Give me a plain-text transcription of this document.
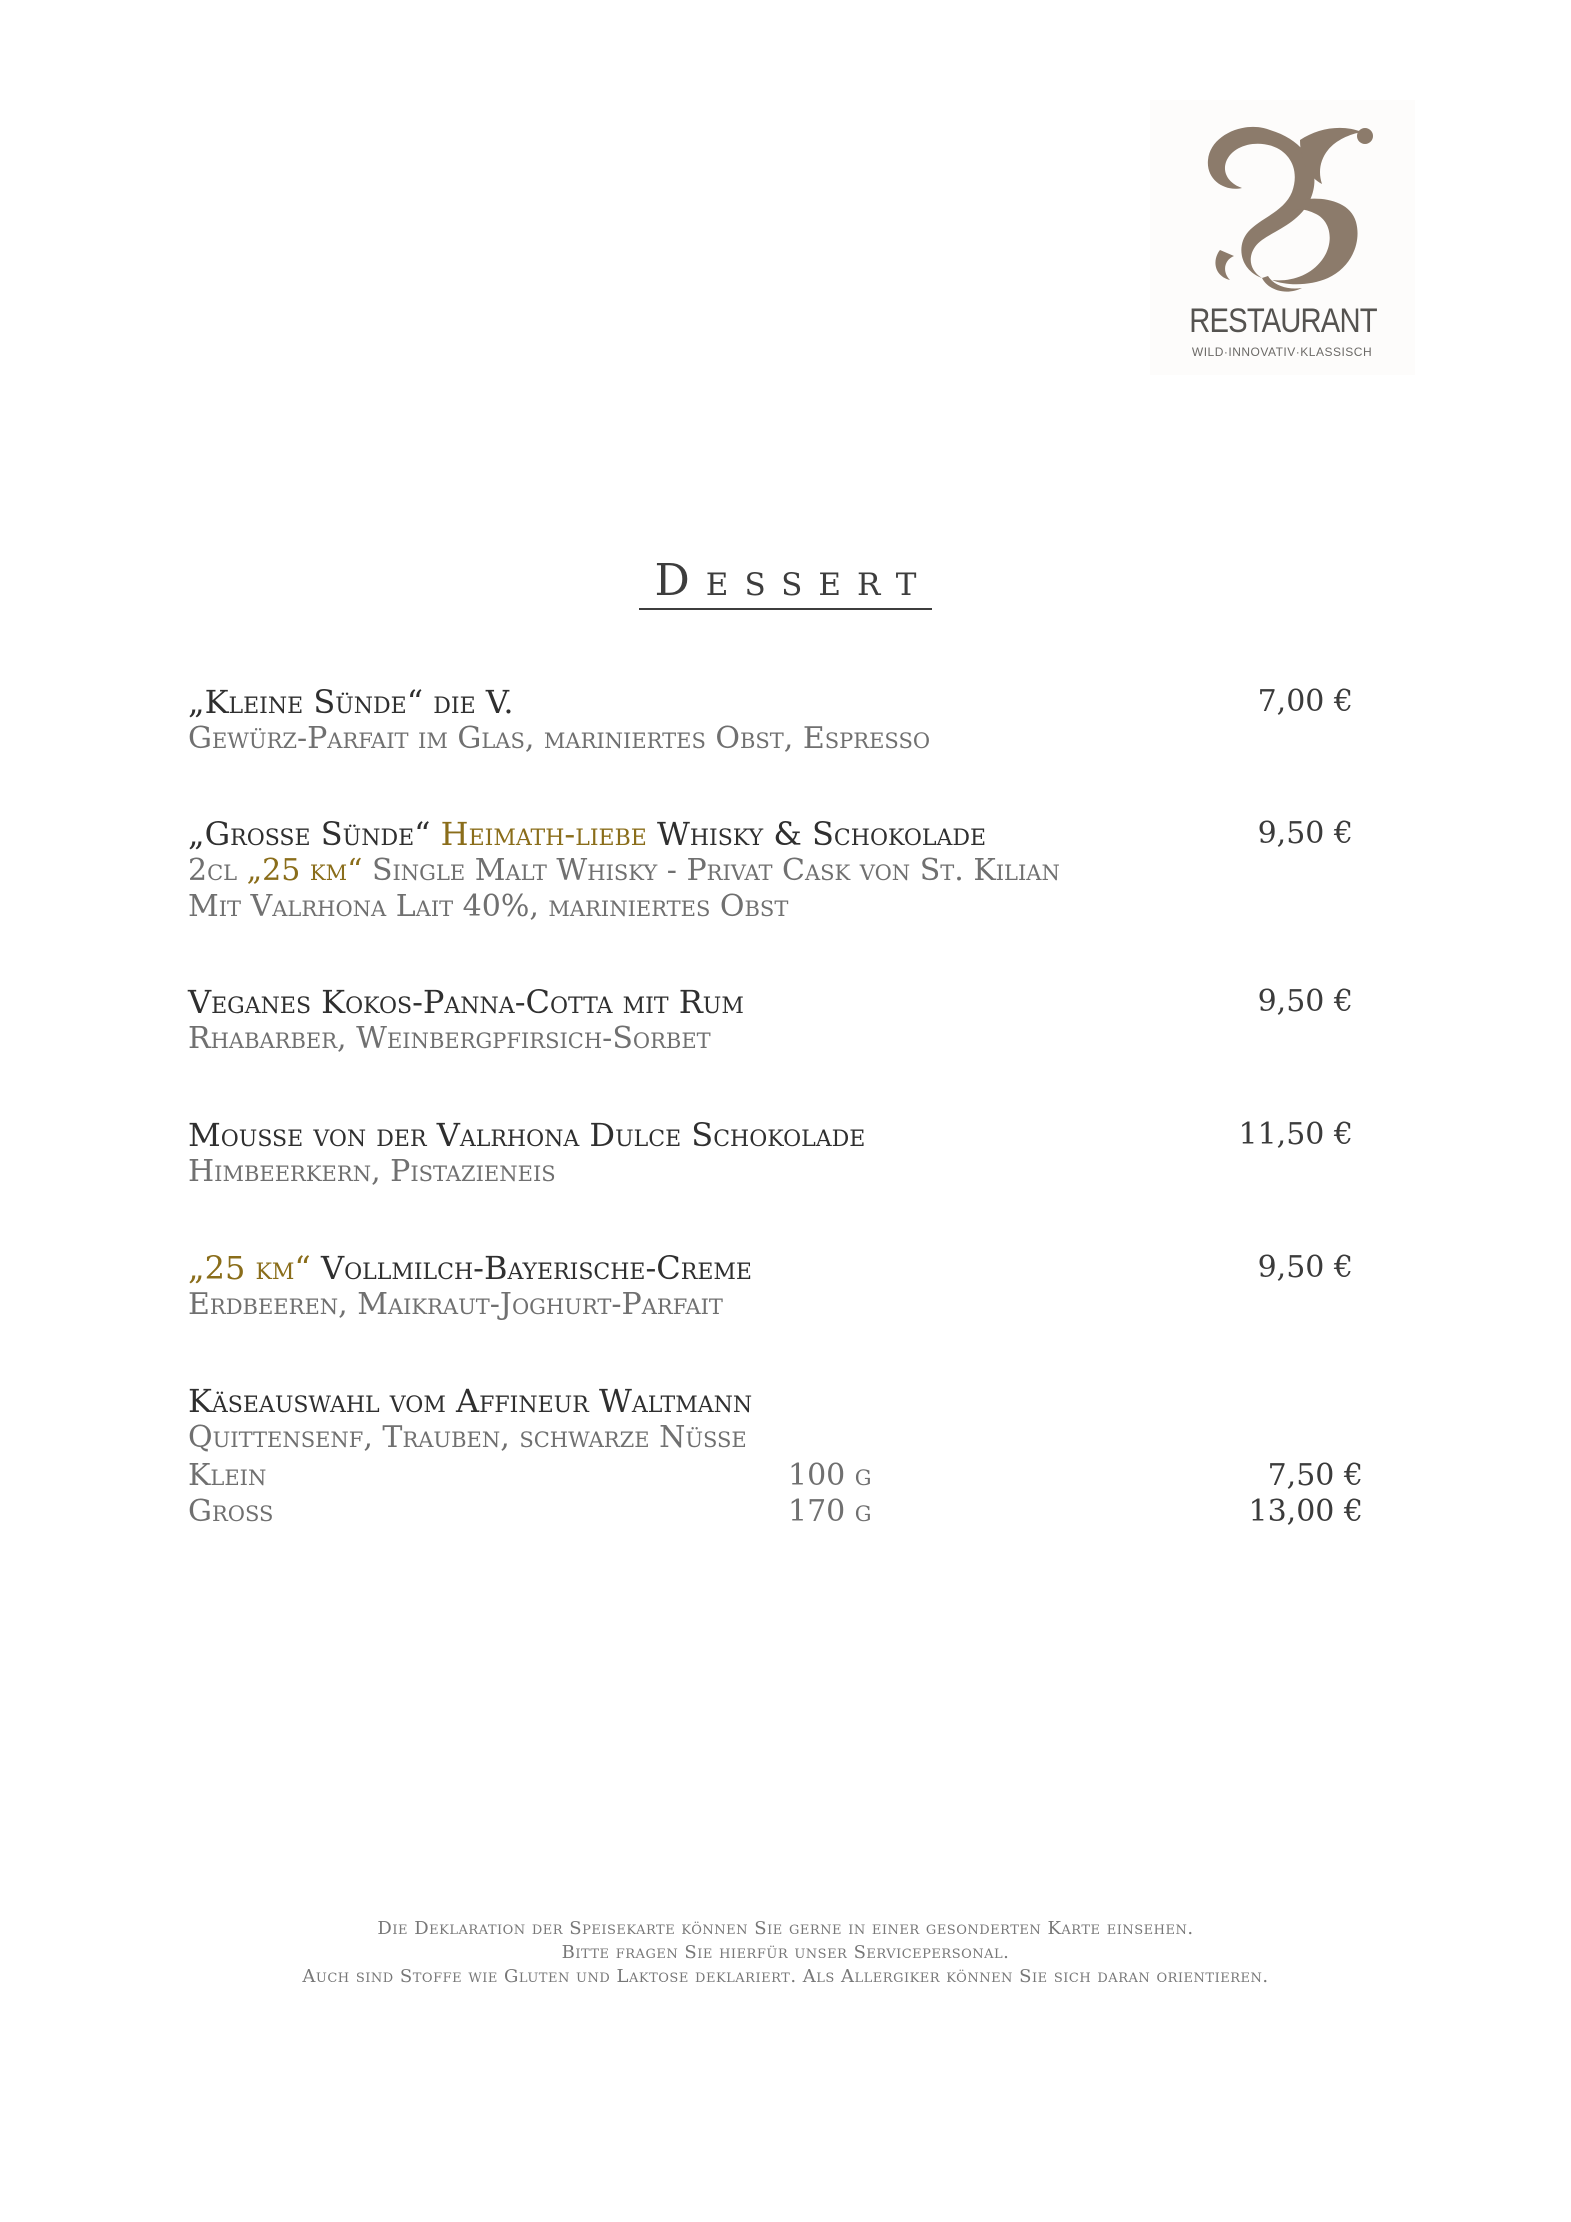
RESTAURANT
WILD·INNOVATIV·KLASSISCH
Dessert
„Kleine Sünde“ die V.	7,00 €
Gewürz-Parfait im Glas, mariniertes Obst, Espresso
„Grosse Sünde“ Heimath-liebe Whisky & Schokolade	9,50 €
2cl „25 km“ Single Malt Whisky - Privat Cask von St. Kilian
Mit Valrhona Lait 40%, mariniertes Obst
Veganes Kokos-Panna-Cotta mit Rum	9,50 €
Rhabarber, Weinbergpfirsich-Sorbet
Mousse von der Valrhona Dulce Schokolade	11,50 €
Himbeerkern, Pistazieneis
„25 km“ Vollmilch-Bayerische-Creme	9,50 €
Erdbeeren, Maikraut-Joghurt-Parfait
Käseauswahl vom Affineur Waltmann
Quittensenf, Trauben, schwarze Nüsse
Klein	100 g	7,50 €
Gross	170 g	13,00 €
Die Deklaration der Speisekarte können Sie gerne in einer gesonderten Karte einsehen.
Bitte fragen Sie hierfür unser Servicepersonal.
Auch sind Stoffe wie Gluten und Laktose deklariert. Als Allergiker können Sie sich daran orientieren.
